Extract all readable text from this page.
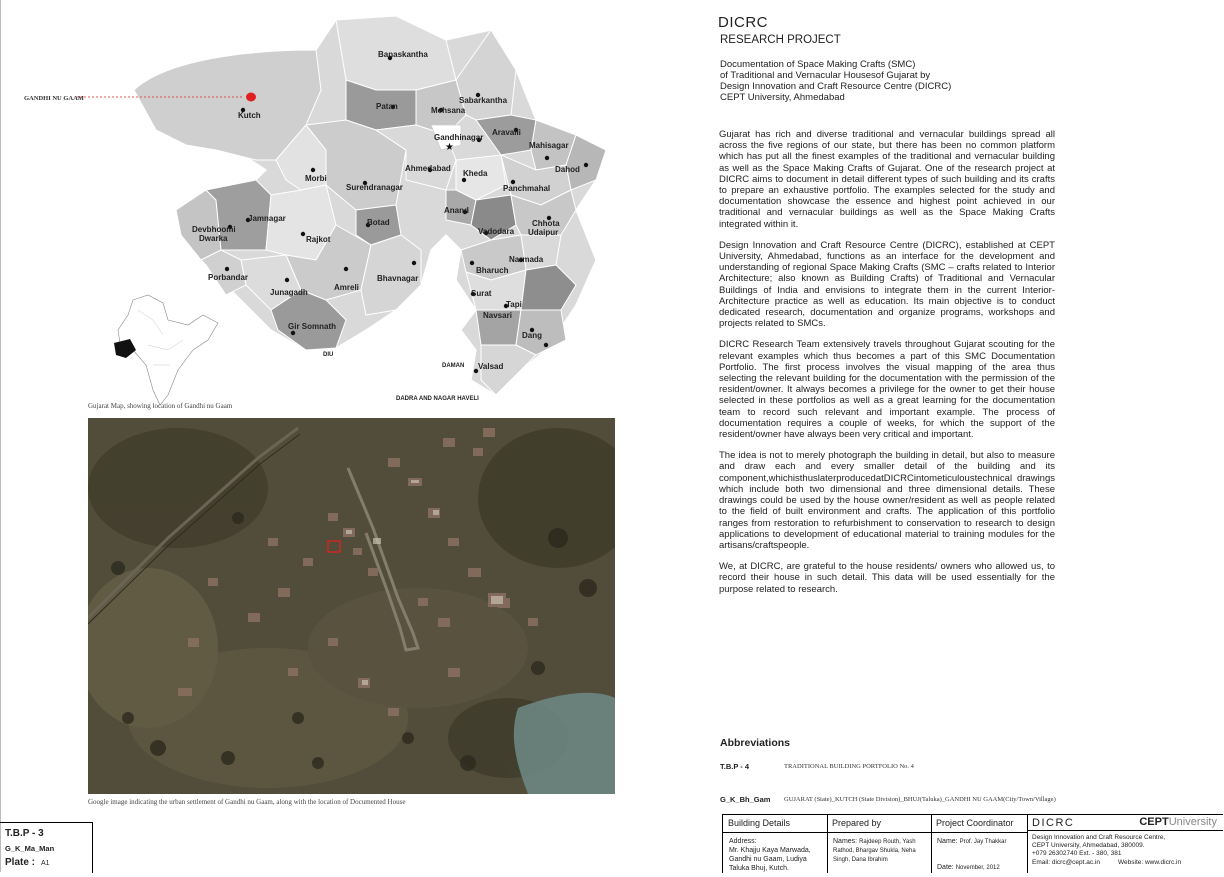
★
Banaskantha
Patan	Mehsana
Sabarkantha
Gandhinagar
Aravalli
Mahisagar
Dahod
Kutch
Morbi
Surendranagar
Ahmedabad
Kheda
Panchmahal
Jamnagar
Devbhoomi
Dwarka	Rajkot
Botad
Anand
Vadodara
Chhota
Udaipur
Narmada
Bharuch
Porbandar
Junagadh
Amreli
Bhavnagar
Surat
Tapi
Gir Somnath
Navsari
Dang
Valsad
DIU
DAMAN
DADRA AND NAGAR HAVELI
GANDHI NU GAAM
Gujarat Map, showing location of Gandhi nu Gaam
Google image indicating the urban settlement of Gandhi nu Gaam, along with the location of Documented House
DICRC
RESEARCH PROJECT
Documentation of Space Making Crafts (SMC)
of Traditional and Vernacular Housesof Gujarat by
Design Innovation and Craft Resource Centre (DICRC)
CEPT University, Ahmedabad

Gujarat has rich and diverse traditional and vernacular buildings spread all across the five regions of our state, but there has been no common platform which has put all the finest examples of the traditional and vernacular building as well as the Space Making Crafts of Gujarat. One of the research project at DICRC aims to document in detail different types of such building and its crafts to prepare an exhaustive portfolio. The examples selected for the study and documentation showcase the essence and highest point achieved in our traditional and vernacular buildings as well as the Space Making Crafts integrated within it.

Design Innovation and Craft Resource Centre (DICRC), established at CEPT University, Ahmedabad, functions as an interface for the development and understanding of regional Space Making Crafts (SMC – crafts related to Interior Architecture; also known as Building Crafts) of Traditional and Vernacular Buildings of India and envisions to integrate them in the current Interior-Architecture practice as well as education. Its main objective is to conduct dedicated research, documentation and organize programs, workshops and projects related to SMCs.

DICRC Research Team extensively travels throughout Gujarat scouting for the relevant examples which thus becomes a part of this SMC Documentation Portfolio. The first process involves the visual mapping of the area thus selecting the relevant building for the documentation with the permission of the resident/owner. It always becomes a privilege for the owner to get their house selected in these portfolios as well as a great learning for the documentation team to record such relevant and important example. The process of documentation requires a couple of weeks, for which the support of the resident/owner have always been very critical and important.

The idea is not to merely photograph the building in detail, but also to measure and draw each and every smaller detail of the building and its component,whichisthuslaterproducedatDICRCintometiculoustechnical drawings which include both two dimensional and three dimensional details. These drawings could be used by the house owner/resident as well as people related to the field of built environment and crafts. The application of this portfolio ranges from restoration to refurbishment to conservation to research to design applications to development of educational material to training modules for the artisans/craftspeople.

We, at DICRC, are grateful to the house residents/ owners who allowed us, to record their house in such detail. This data will be used essentially for the purpose related to research.

Abbreviations
T.B.P - 4	TRADITIONAL BUILDING PORTFOLIO No. 4
G_K_Bh_Gam GUJARAT (State)_KUTCH (State Division)_BHUJ(Taluka)_GANDHI NU GAAM(City/Town/Village)
T.B.P - 3
G_K_Ma_Man
Plate : A1
Building Details
Address:
Mr. Khajju Kaya Marwada,
Gandhi nu Gaam, Ludiya
Taluka Bhuj, Kutch.
Prepared by
Names: Rajdeep Routh, Yash Rathod, Bhargav Shukla, Neha Singh, Dana Ibrahim
Project Coordinator
Name: Prof. Jay Thakkar
Date: November, 2012
DICRC	CEPTUniversity
Design Innovation and Craft Resource Centre,
CEPT University, Ahmedabad, 380009.
+079 26302740 Ext. - 380, 381
Email: dicrc@cept.ac.in	Website: www.dicrc.in
